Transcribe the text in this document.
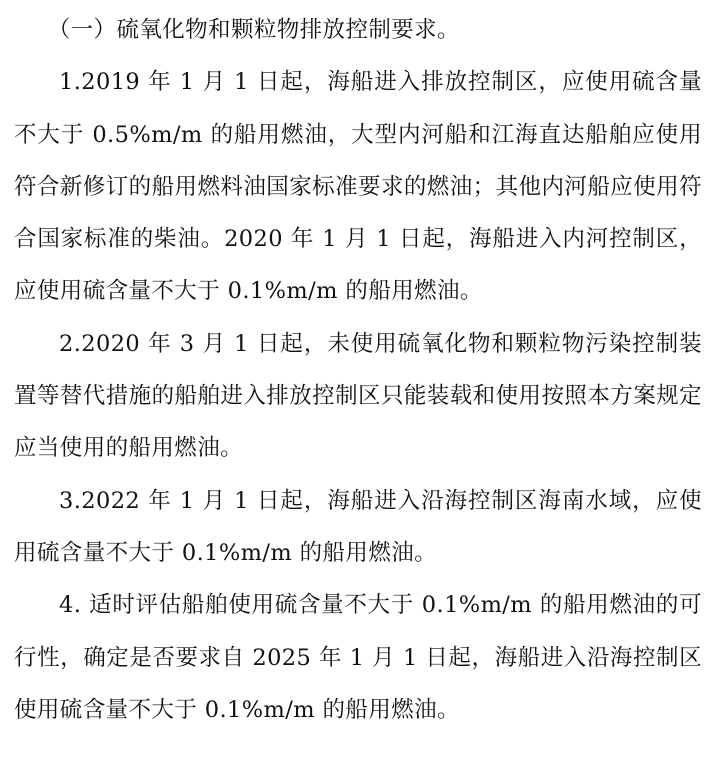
（一）硫氧化物和颗粒物排放控制要求。

1.2019 年 1 月 1 日起，海船进入排放控制区，应使用硫含量不大于 0.5%m/m 的船用燃油，大型内河船和江海直达船舶应使用符合新修订的船用燃料油国家标准要求的燃油；其他内河船应使用符合国家标准的柴油。2020 年 1 月 1 日起，海船进入内河控制区，应使用硫含量不大于 0.1%m/m 的船用燃油。

2.2020 年 3 月 1 日起，未使用硫氧化物和颗粒物污染控制装置等替代措施的船舶进入排放控制区只能装载和使用按照本方案规定应当使用的船用燃油。

3.2022 年 1 月 1 日起，海船进入沿海控制区海南水域，应使用硫含量不大于 0.1%m/m 的船用燃油。

4. 适时评估船舶使用硫含量不大于 0.1%m/m 的船用燃油的可行性，确定是否要求自 2025 年 1 月 1 日起，海船进入沿海控制区使用硫含量不大于 0.1%m/m 的船用燃油。
